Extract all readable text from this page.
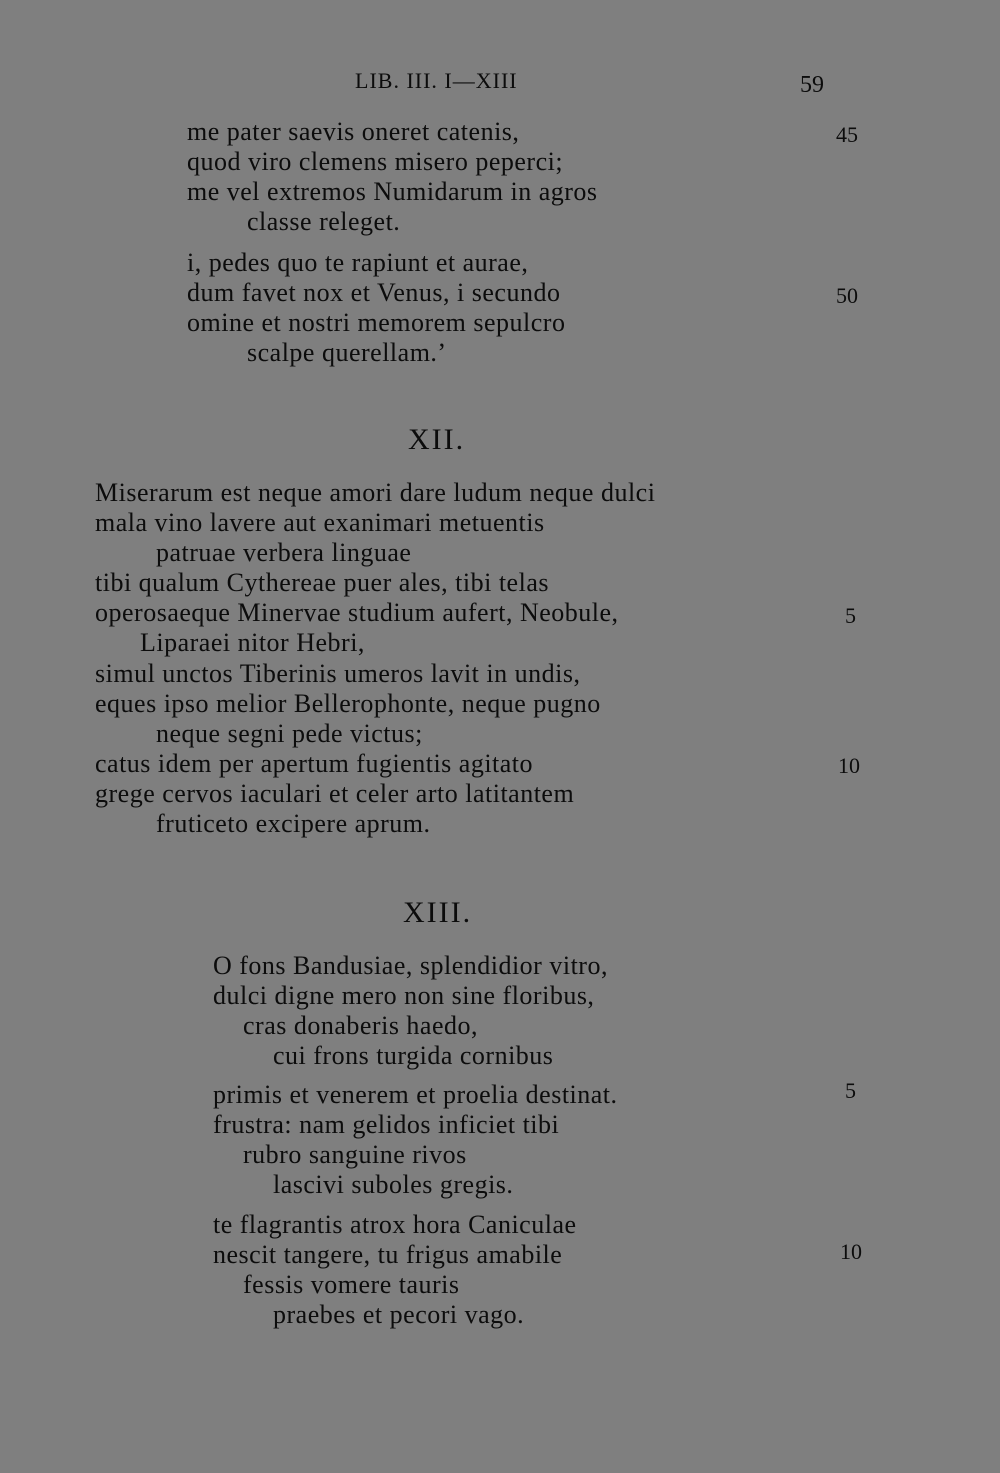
LIB. III. I—XIII	59
me pater saevis oneret catenis,
quod viro clemens misero peperci;
me vel extremos Numidarum in agros
classe releget.
i, pedes quo te rapiunt et aurae,
dum favet nox et Venus, i secundo
omine et nostri memorem sepulcro
scalpe querellam.’
45
50
XII.
Miserarum est neque amori dare ludum neque dulci
mala vino lavere aut exanimari metuentis
patruae verbera linguae
tibi qualum Cythereae puer ales, tibi telas
operosaeque Minervae studium aufert, Neobule,
Liparaei nitor Hebri,
simul unctos Tiberinis umeros lavit in undis,
eques ipso melior Bellerophonte, neque pugno
neque segni pede victus;
catus idem per apertum fugientis agitato
grege cervos iaculari et celer arto latitantem
fruticeto excipere aprum.
5
10
XIII.
O fons Bandusiae, splendidior vitro,
dulci digne mero non sine floribus,
cras donaberis haedo,
cui frons turgida cornibus
primis et venerem et proelia destinat.
frustra: nam gelidos inficiet tibi
rubro sanguine rivos
lascivi suboles gregis.
te flagrantis atrox hora Caniculae
nescit tangere, tu frigus amabile
fessis vomere tauris
praebes et pecori vago.
5
10
